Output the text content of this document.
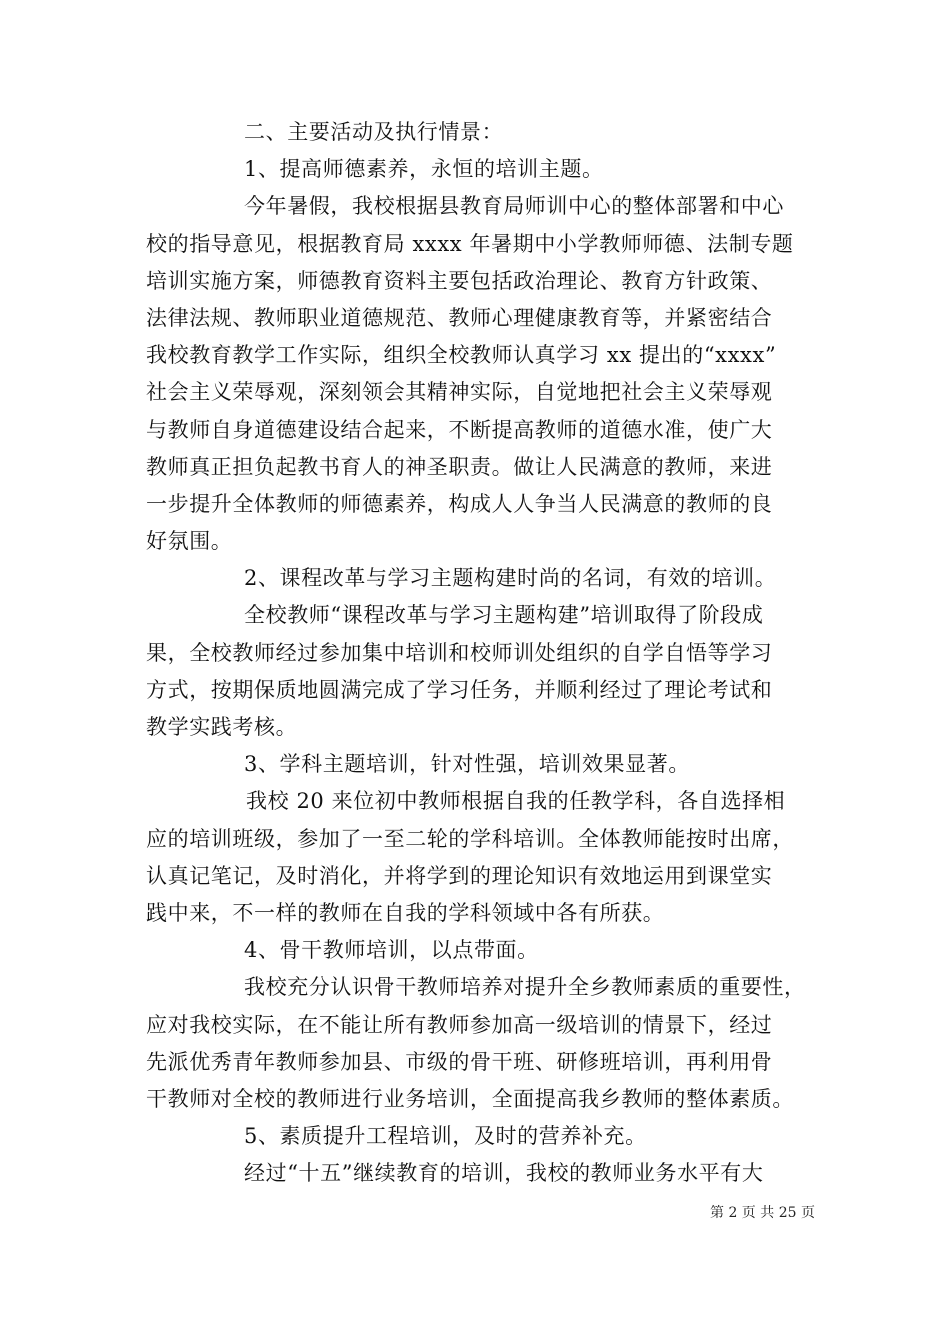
二、主要活动及执行情景：
1、提高师德素养，永恒的培训主题。
今年暑假，我校根据县教育局师训中心的整体部署和中心
校的指导意见，根据教育局 xxxx 年暑期中小学教师师德、法制专题
培训实施方案，师德教育资料主要包括政治理论、教育方针政策、
法律法规、教师职业道德规范、教师心理健康教育等，并紧密结合
我校教育教学工作实际，组织全校教师认真学习 xx 提出的“xxxx”
社会主义荣辱观，深刻领会其精神实际，自觉地把社会主义荣辱观
与教师自身道德建设结合起来，不断提高教师的道德水准，使广大
教师真正担负起教书育人的神圣职责。做让人民满意的教师，来进
一步提升全体教师的师德素养，构成人人争当人民满意的教师的良
好氛围。
2、课程改革与学习主题构建时尚的名词，有效的培训。
全校教师“课程改革与学习主题构建”培训取得了阶段成
果，全校教师经过参加集中培训和校师训处组织的自学自悟等学习
方式，按期保质地圆满完成了学习任务，并顺利经过了理论考试和
教学实践考核。
3、学科主题培训，针对性强，培训效果显著。
我校 20 来位初中教师根据自我的任教学科，各自选择相
应的培训班级，参加了一至二轮的学科培训。全体教师能按时出席，
认真记笔记，及时消化，并将学到的理论知识有效地运用到课堂实
践中来，不一样的教师在自我的学科领域中各有所获。
4、骨干教师培训，以点带面。
我校充分认识骨干教师培养对提升全乡教师素质的重要性，
应对我校实际，在不能让所有教师参加高一级培训的情景下，经过
先派优秀青年教师参加县、市级的骨干班、研修班培训，再利用骨
干教师对全校的教师进行业务培训，全面提高我乡教师的整体素质。
5、素质提升工程培训，及时的营养补充。
经过“十五”继续教育的培训，我校的教师业务水平有大
第 2 页 共 25 页
